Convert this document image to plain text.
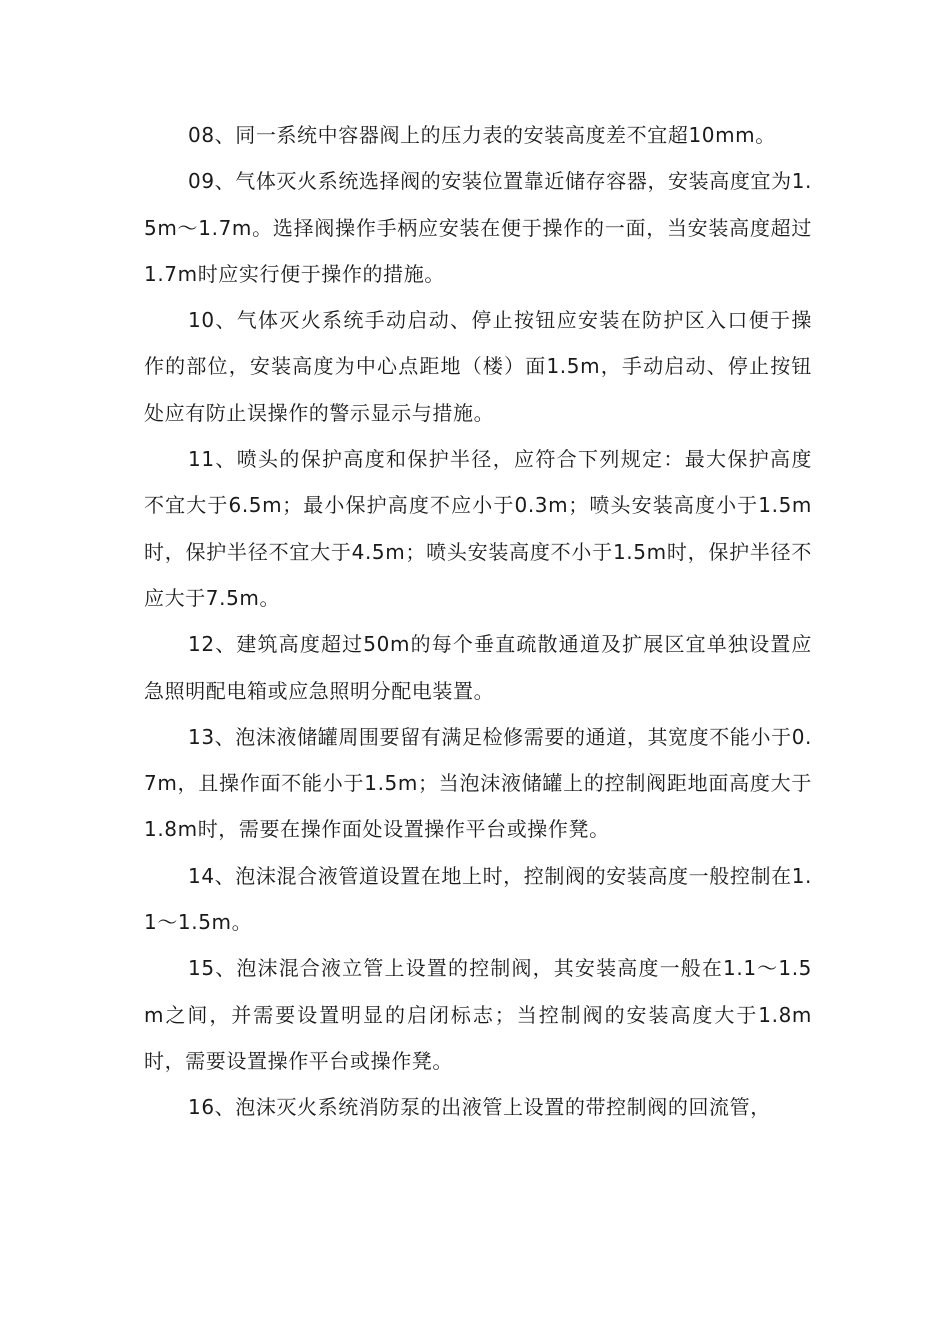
08、同一系统中容器阀上的压力表的安装高度差不宜超10mm。

09、气体灭火系统选择阀的安装位置靠近储存容器，安装高度宜为1.5m～1.7m。选择阀操作手柄应安装在便于操作的一面，当安装高度超过1.7m时应实行便于操作的措施。

10、气体灭火系统手动启动、停止按钮应安装在防护区入口便于操作的部位，安装高度为中心点距地（楼）面1.5m，手动启动、停止按钮处应有防止误操作的警示显示与措施。

11、喷头的保护高度和保护半径，应符合下列规定：最大保护高度不宜大于6.5m；最小保护高度不应小于0.3m；喷头安装高度小于1.5m时，保护半径不宜大于4.5m；喷头安装高度不小于1.5m时，保护半径不应大于7.5m。

12、建筑高度超过50m的每个垂直疏散通道及扩展区宜单独设置应急照明配电箱或应急照明分配电装置。

13、泡沫液储罐周围要留有满足检修需要的通道，其宽度不能小于0.7m，且操作面不能小于1.5m；当泡沫液储罐上的控制阀距地面高度大于1.8m时，需要在操作面处设置操作平台或操作凳。

14、泡沫混合液管道设置在地上时，控制阀的安装高度一般控制在1.1～1.5m。

15、泡沫混合液立管上设置的控制阀，其安装高度一般在1.1～1.5m之间，并需要设置明显的启闭标志；当控制阀的安装高度大于1.8m时，需要设置操作平台或操作凳。

16、泡沫灭火系统消防泵的出液管上设置的带控制阀的回流管，
